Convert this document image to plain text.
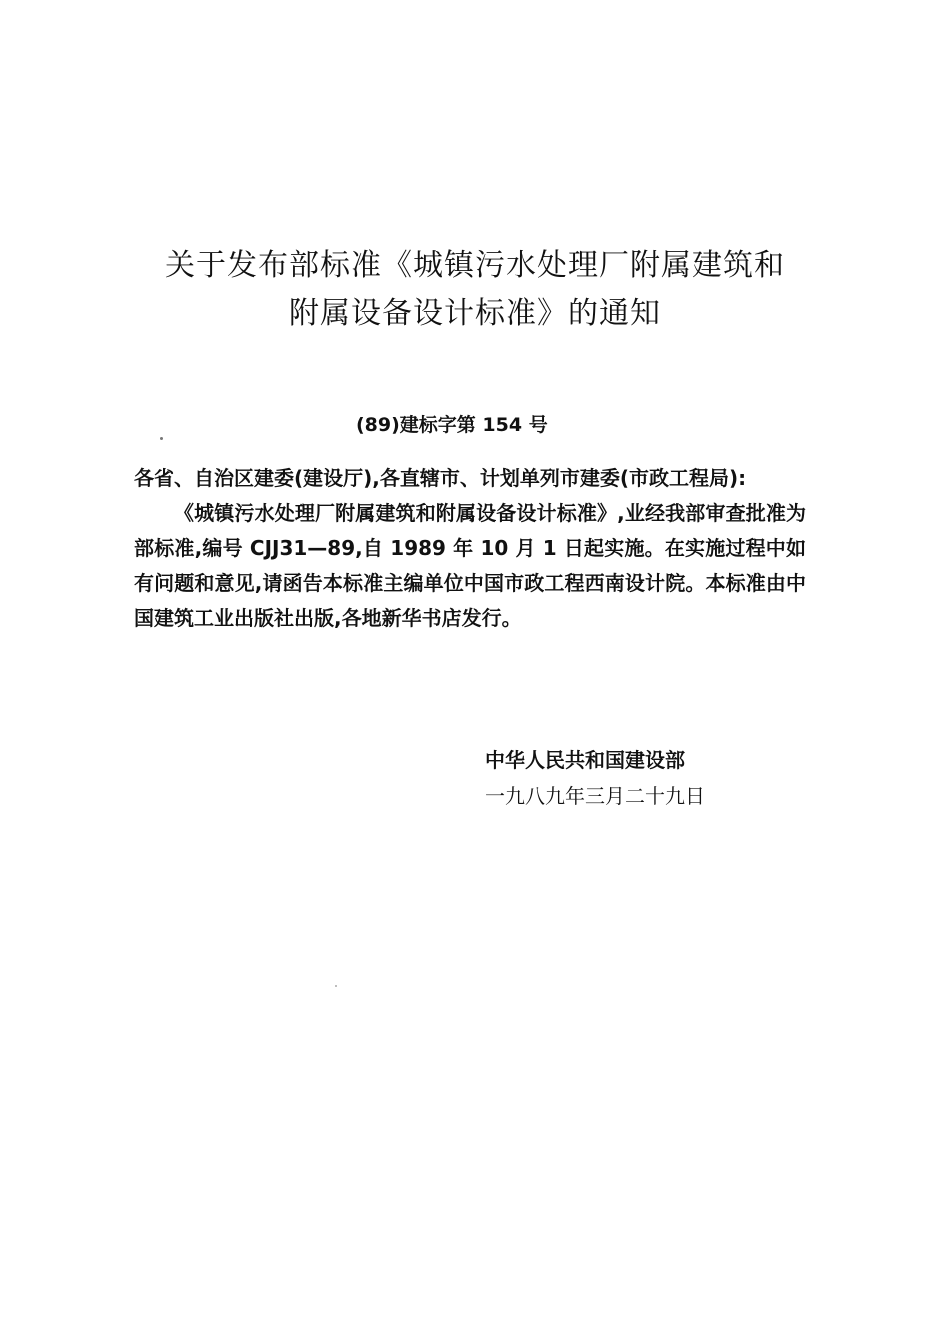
关于发布部标准《城镇污水处理厂附属建筑和
附属设备设计标准》的通知
(89)建标字第 154 号

各省、自治区建委(建设厅),各直辖市、计划单列市建委(市政工程局):

《城镇污水处理厂附属建筑和附属设备设计标准》,业经我部审查批准为部标准,编号 CJJ31—89,自 1989 年 10 月 1 日起实施。在实施过程中如有问题和意见,请函告本标准主编单位中国市政工程西南设计院。本标准由中国建筑工业出版社出版,各地新华书店发行。

中华人民共和国建设部
一九八九年三月二十九日
